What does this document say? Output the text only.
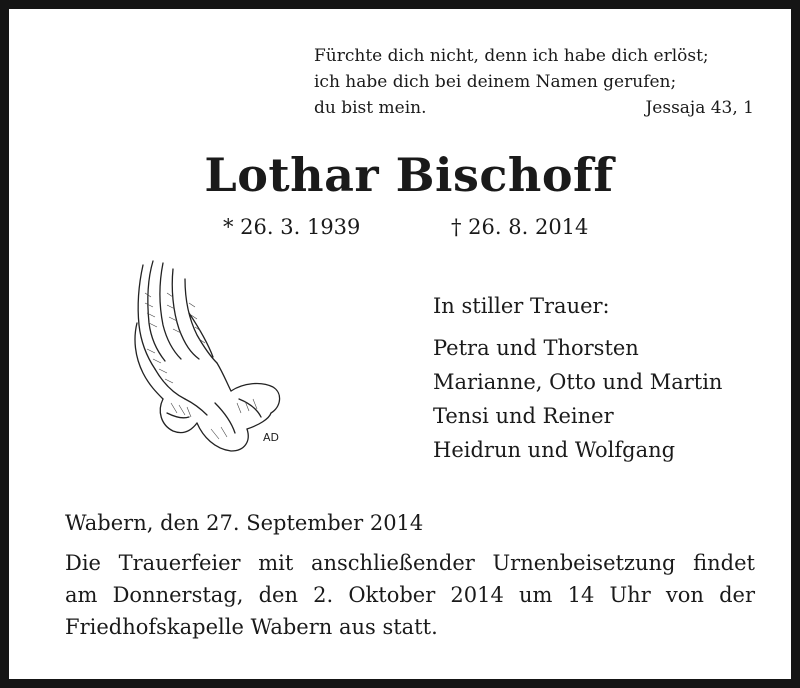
Fürchte dich nicht, denn ich habe dich erlöst;
ich habe dich bei deinem Namen gerufen;
du bist mein.	Jessaja 43, 1
Lothar Bischoff
* 26. 3. 1939	† 26. 8. 2014
AD
In stiller Trauer:
Petra und Thorsten
Marianne, Otto und Martin
Tensi und Reiner
Heidrun und Wolfgang
Wabern, den 27. September 2014
Die Trauerfeier mit anschließender Urnenbeisetzung findet
am Donnerstag, den 2. Oktober 2014 um 14 Uhr von der
Friedhofskapelle Wabern aus statt.
